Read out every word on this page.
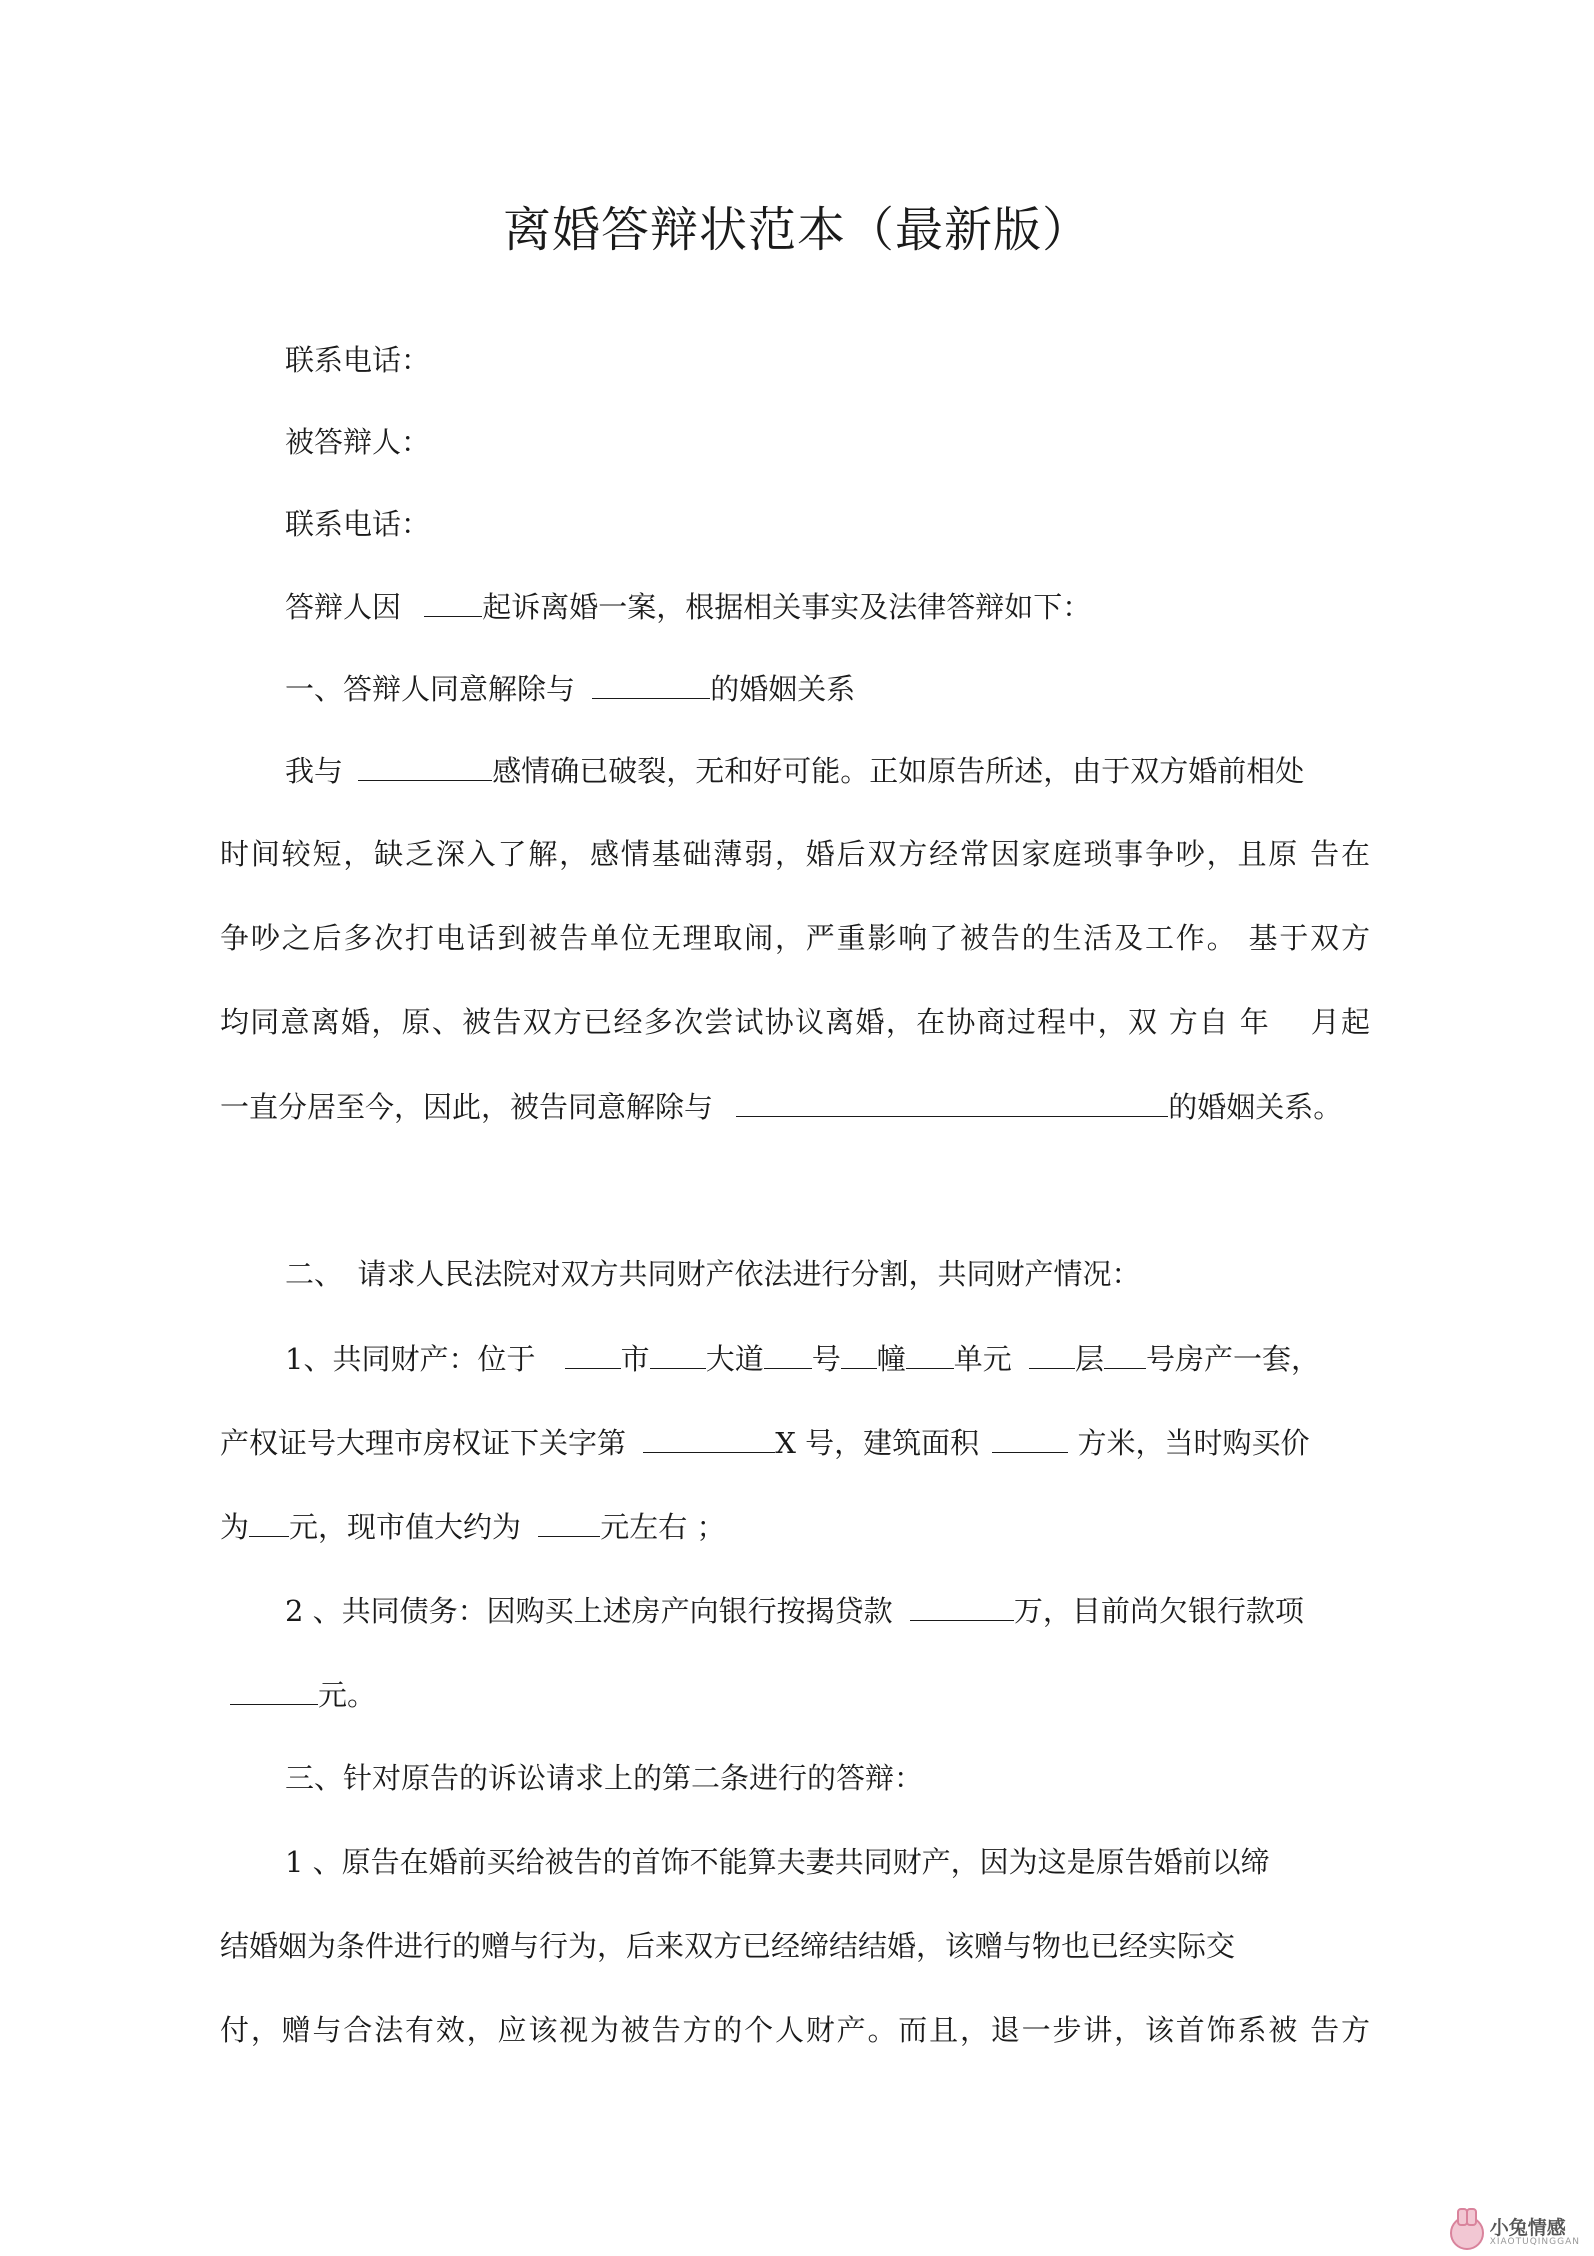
离婚答辩状范本（最新版）
联系电话：
被答辩人：
联系电话：
答辩人因 起诉离婚一案，根据相关事实及法律答辩如下：
一、答辩人同意解除与	的婚姻关系
我与	感情确已破裂，无和好可能。正如原告所述，由于双方婚前相处
时间较短，缺乏深入了解，感情基础薄弱，婚后双方经常因家庭琐事争吵，且原 告在
争吵之后多次打电话到被告单位无理取闹，严重影响了被告的生活及工作。 基于双方
均同意离婚，原、被告双方已经多次尝试协议离婚，在协商过程中，双 方自 年　 月起
一直分居至今，因此，被告同意解除与	的婚姻关系。
二、　请求人民法院对双方共同财产依法进行分割，共同财产情况：
1、共同财产：位于	市 大道 号 幢 单元 层 号房产一套，
产权证号大理市房权证下关字第	X 号，建筑面积	方米，当时购买价
为 元，现市值大约为 元左右 ；
2 、共同债务：因购买上述房产向银行按揭贷款	万，目前尚欠银行款项
元。
三、针对原告的诉讼请求上的第二条进行的答辩：
1 、原告在婚前买给被告的首饰不能算夫妻共同财产，因为这是原告婚前以缔
结婚姻为条件进行的赠与行为，后来双方已经缔结结婚，该赠与物也已经实际交
付，赠与合法有效，应该视为被告方的个人财产。而且，退一步讲，该首饰系被 告方
小兔情感
XIAOTUQINGGAN
